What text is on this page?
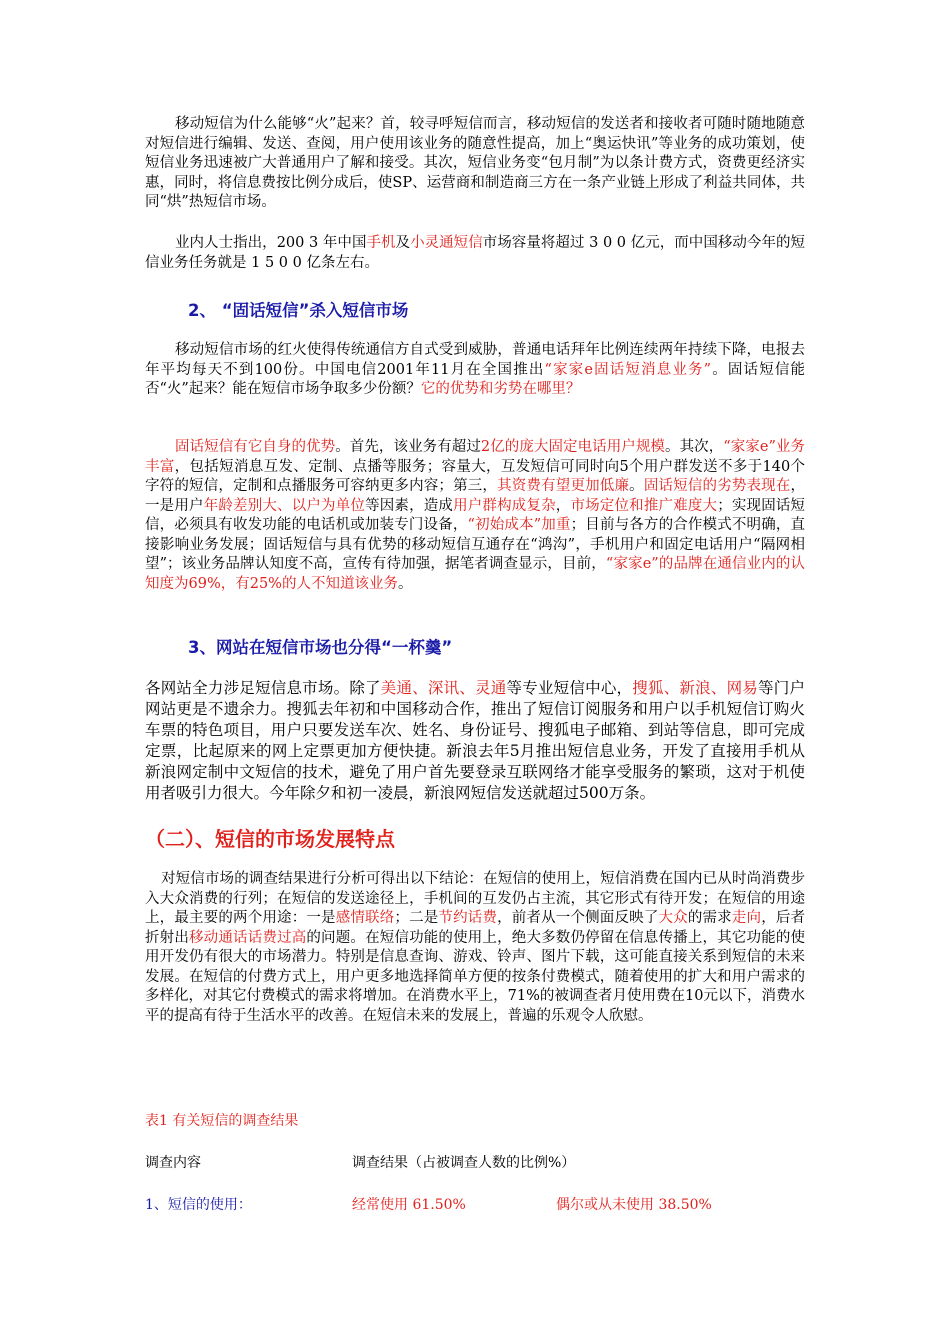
移动短信为什么能够“火”起来？首，较寻呼短信而言，移动短信的发送者和接收者可随时随地随意对短信进行编辑、发送、查阅，用户使用该业务的随意性提高，加上“奥运快讯”等业务的成功策划，使短信业务迅速被广大普通用户了解和接受。其次，短信业务变“包月制”为以条计费方式，资费更经济实惠，同时，将信息费按比例分成后，使SP、运营商和制造商三方在一条产业链上形成了利益共同体，共同“烘”热短信市场。

业内人士指出，200 3 年中国手机及小灵通短信市场容量将超过 3 0 0 亿元，而中国移动今年的短信业务任务就是 1 5 0 0 亿条左右。

2、 “固话短信”杀入短信市场

移动短信市场的红火使得传统通信方自式受到威胁，普通电话拜年比例连续两年持续下降，电报去年平均每天不到100份。中国电信2001年11月在全国推出“家家e固话短消息业务”。固话短信能否“火”起来？能在短信市场争取多少份额？它的优势和劣势在哪里？

固话短信有它自身的优势。首先，该业务有超过2亿的庞大固定电话用户规模。其次，“家家e”业务丰富，包括短消息互发、定制、点播等服务；容量大，互发短信可同时向5个用户群发送不多于140个字符的短信，定制和点播服务可容纳更多内容；第三，其资费有望更加低廉。固话短信的劣势表现在，一是用户年龄差别大、以户为单位等因素，造成用户群构成复杂，市场定位和推广难度大；实现固话短信，必须具有收发功能的电话机或加装专门设备，“初始成本”加重；目前与各方的合作模式不明确，直接影响业务发展；固话短信与具有优势的移动短信互通存在“鸿沟”，手机用户和固定电话用户“隔网相望”；该业务品牌认知度不高，宣传有待加强，据笔者调查显示，目前，“家家e”的品牌在通信业内的认知度为69%，有25%的人不知道该业务。

3、网站在短信市场也分得“一杯羹”

各网站全力涉足短信息市场。除了美通、深讯、灵通等专业短信中心，搜狐、新浪、网易等门户网站更是不遗余力。搜狐去年初和中国移动合作，推出了短信订阅服务和用户以手机短信订购火车票的特色项目，用户只要发送车次、姓名、身份证号、搜狐电子邮箱、到站等信息，即可完成定票，比起原来的网上定票更加方便快捷。新浪去年5月推出短信息业务，开发了直接用手机从新浪网定制中文短信的技术，避免了用户首先要登录互联网络才能享受服务的繁琐，这对于机使用者吸引力很大。今年除夕和初一凌晨，新浪网短信发送就超过500万条。

（二）、短信的市场发展特点

对短信市场的调查结果进行分析可得出以下结论：在短信的使用上，短信消费在国内已从时尚消费步入大众消费的行列；在短信的发送途径上，手机间的互发仍占主流，其它形式有待开发；在短信的用途上，最主要的两个用途：一是感情联络；二是节约话费，前者从一个侧面反映了大众的需求走向，后者折射出移动通话话费过高的问题。在短信功能的使用上，绝大多数仍停留在信息传播上，其它功能的使用开发仍有很大的市场潜力。特别是信息查询、游戏、铃声、图片下载，这可能直接关系到短信的未来发展。在短信的付费方式上，用户更多地选择简单方便的按条付费模式，随着使用的扩大和用户需求的多样化，对其它付费模式的需求将增加。在消费水平上，71%的被调查者月使用费在10元以下，消费水平的提高有待于生活水平的改善。在短信未来的发展上，普遍的乐观令人欣慰。

表1 有关短信的调查结果
调查内容	调查结果（占被调查人数的比例%）
1、短信的使用：	经常使用 61.50%	偶尔或从未使用 38.50%
